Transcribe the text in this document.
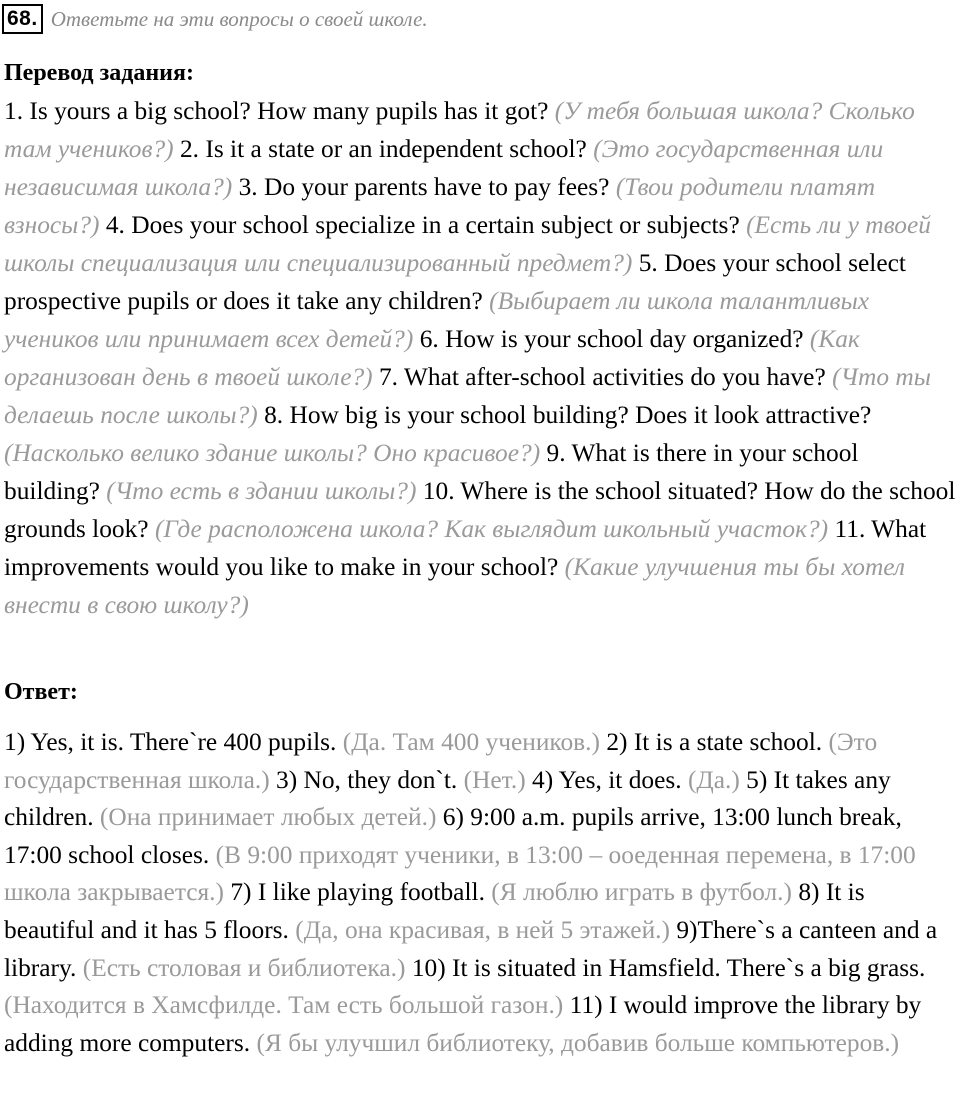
68. Ответьте на эти вопросы о своей школе.
Перевод задания:

1. Is yours a big school? How many pupils has it got? (У тебя большая школа? Сколько там учеников?) 2. Is it a state or an independent school? (Это государственная или независимая школа?) 3. Do your parents have to pay fees? (Твои родители платят взносы?) 4. Does your school specialize in a certain subject or subjects? (Есть ли у твоей школы специализация или специализированный предмет?) 5. Does your school select prospective pupils or does it take any children? (Выбирает ли школа талантливых учеников или принимает всех детей?) 6. How is your school day organized? (Как организован день в твоей школе?) 7. What after-school activities do you have? (Что ты делаешь после школы?) 8. How big is your school building? Does it look attractive? (Насколько велико здание школы? Оно красивое?) 9. What is there in your school building? (Что есть в здании школы?) 10. Where is the school situated? How do the school grounds look? (Где расположена школа? Как выглядит школьный участок?) 11. What improvements would you like to make in your school? (Какие улучшения ты бы хотел внести в свою школу?)

Ответ:

1) Yes, it is. There`re 400 pupils. (Да. Там 400 учеников.) 2) It is a state school. (Это государственная школа.) 3) No, they don`t. (Нет.) 4) Yes, it does. (Да.) 5) It takes any children. (Она принимает любых детей.) 6) 9:00 a.m. pupils arrive, 13:00 lunch break, 17:00 school closes. (В 9:00 приходят ученики, в 13:00 – ооеденная перемена, в 17:00 школа закрывается.) 7) I like playing football. (Я люблю играть в футбол.) 8) It is beautiful and it has 5 floors. (Да, она красивая, в ней 5 этажей.) 9)There`s a canteen and a library. (Есть столовая и библиотека.) 10) It is situated in Hamsfield. There`s a big grass. (Находится в Хамсфилде. Там есть большой газон.) 11) I would improve the library by adding more computers. (Я бы улучшил библиотеку, добавив больше компьютеров.)
